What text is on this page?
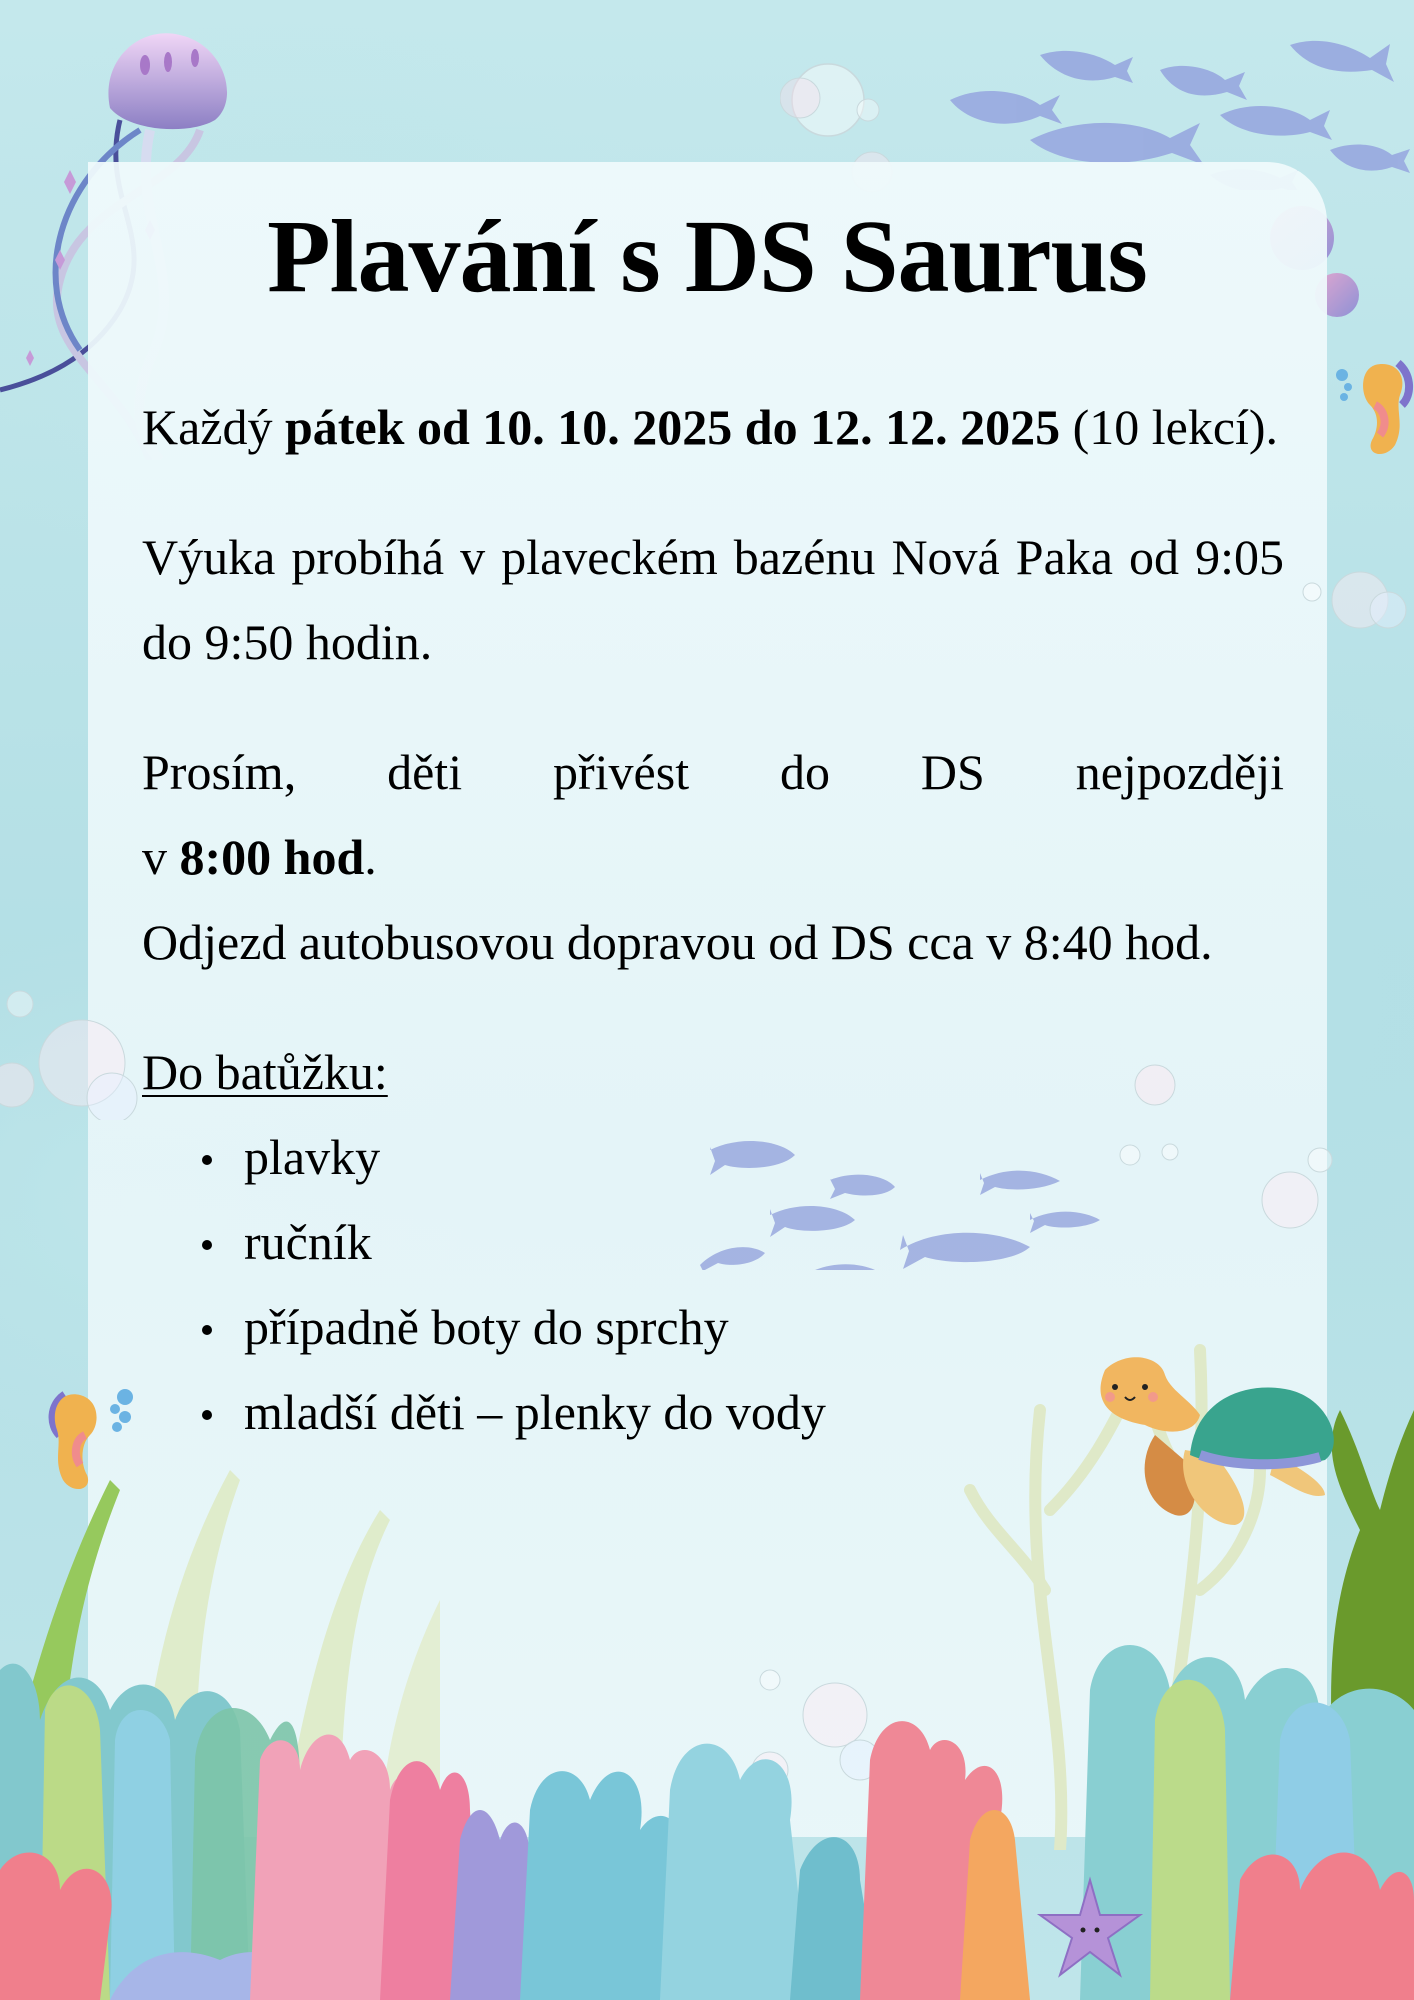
Plavání s DS Saurus

Každý pátek od 10. 10. 2025 do 12. 12. 2025 (10 lekcí).

Výuka probíhá v plaveckém bazénu Nová Paka od 9:05 do 9:50 hodin.

Prosím, děti přivést do DS nejpozději

v 8:00 hod.

Odjezd autobusovou dopravou od DS cca v 8:40 hod.

Do batůžku:

plavky
ručník
případně boty do sprchy
mladší děti – plenky do vody
